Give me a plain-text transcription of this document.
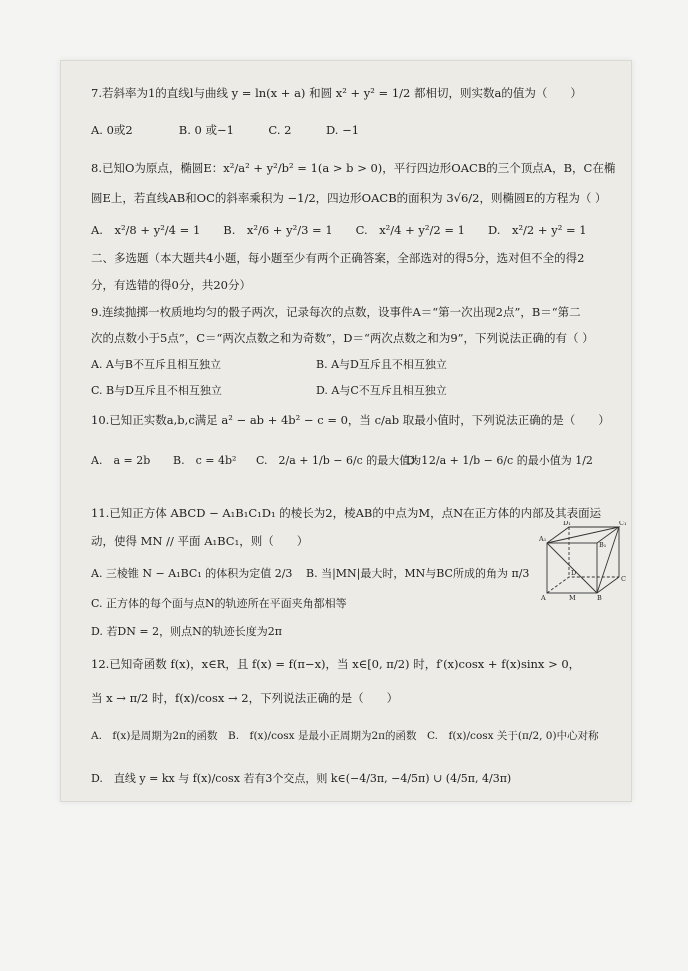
7.若斜率为1的直线l与曲线 y = ln(x + a) 和圆 x² + y² = 1/2 都相切，则实数a的值为（　　）
A. 0或2　　　　B. 0 或−1　　　C. 2　　　D. −1
8.已知O为原点，椭圆E：x²/a² + y²/b² = 1(a > b > 0)，平行四边形OACB的三个顶点A，B，C在椭
圆E上，若直线AB和OC的斜率乘积为 −1/2，四边形OACB的面积为 3√6/2，则椭圆E的方程为（ ）
A.　x²/8 + y²/4 = 1　　B.　x²/6 + y²/3 = 1　　C.　x²/4 + y²/2 = 1　　D.　x²/2 + y² = 1
二、多选题（本大题共4小题，每小题至少有两个正确答案，全部选对的得5分，选对但不全的得2
分，有选错的得0分，共20分）
9.连续抛掷一枚质地均匀的骰子两次，记录每次的点数，设事件A＝“第一次出现2点”，B＝“第二
次的点数小于5点”，C＝“两次点数之和为奇数”，D＝“两次点数之和为9”，下列说法正确的有（ ）
A. A与B不互斥且相互独立	B. A与D互斥且不相互独立
C. B与D互斥且不相互独立	D. A与C不互斥且相互独立
10.已知正实数a,b,c满足 a² − ab + 4b² − c = 0，当 c/ab 取最小值时，下列说法正确的是（　　）
A.　a = 2b B.　c = 4b² C.　2/a + 1/b − 6/c 的最大值为1
D.　2/a + 1/b − 6/c 的最小值为 1/2
11.已知正方体 ABCD − A₁B₁C₁D₁ 的棱长为2，棱AB的中点为M，点N在正方体的内部及其表面运
动，使得 MN // 平面 A₁BC₁，则（　　）
A. 三棱锥 N − A₁BC₁ 的体积为定值 2/3 B. 当|MN|最大时，MN与BC所成的角为 π/3
C. 正方体的每个面与点N的轨迹所在平面夹角都相等
D. 若DN = 2，则点N的轨迹长度为2π
D₁	C₁
A₁
B₁
D
C
A	M	B
12.已知奇函数 f(x)，x∈R，且 f(x) = f(π−x)，当 x∈[0, π/2) 时，f′(x)cosx + f(x)sinx > 0，
当 x → π/2 时，f(x)/cosx → 2，下列说法正确的是（　　）
A.　f(x)是周期为2π的函数　B.　f(x)/cosx 是最小正周期为2π的函数　C.　f(x)/cosx 关于(π/2, 0)中心对称
D.　直线 y = kx 与 f(x)/cosx 若有3个交点，则 k∈(−4/3π, −4/5π) ∪ (4/5π, 4/3π)
